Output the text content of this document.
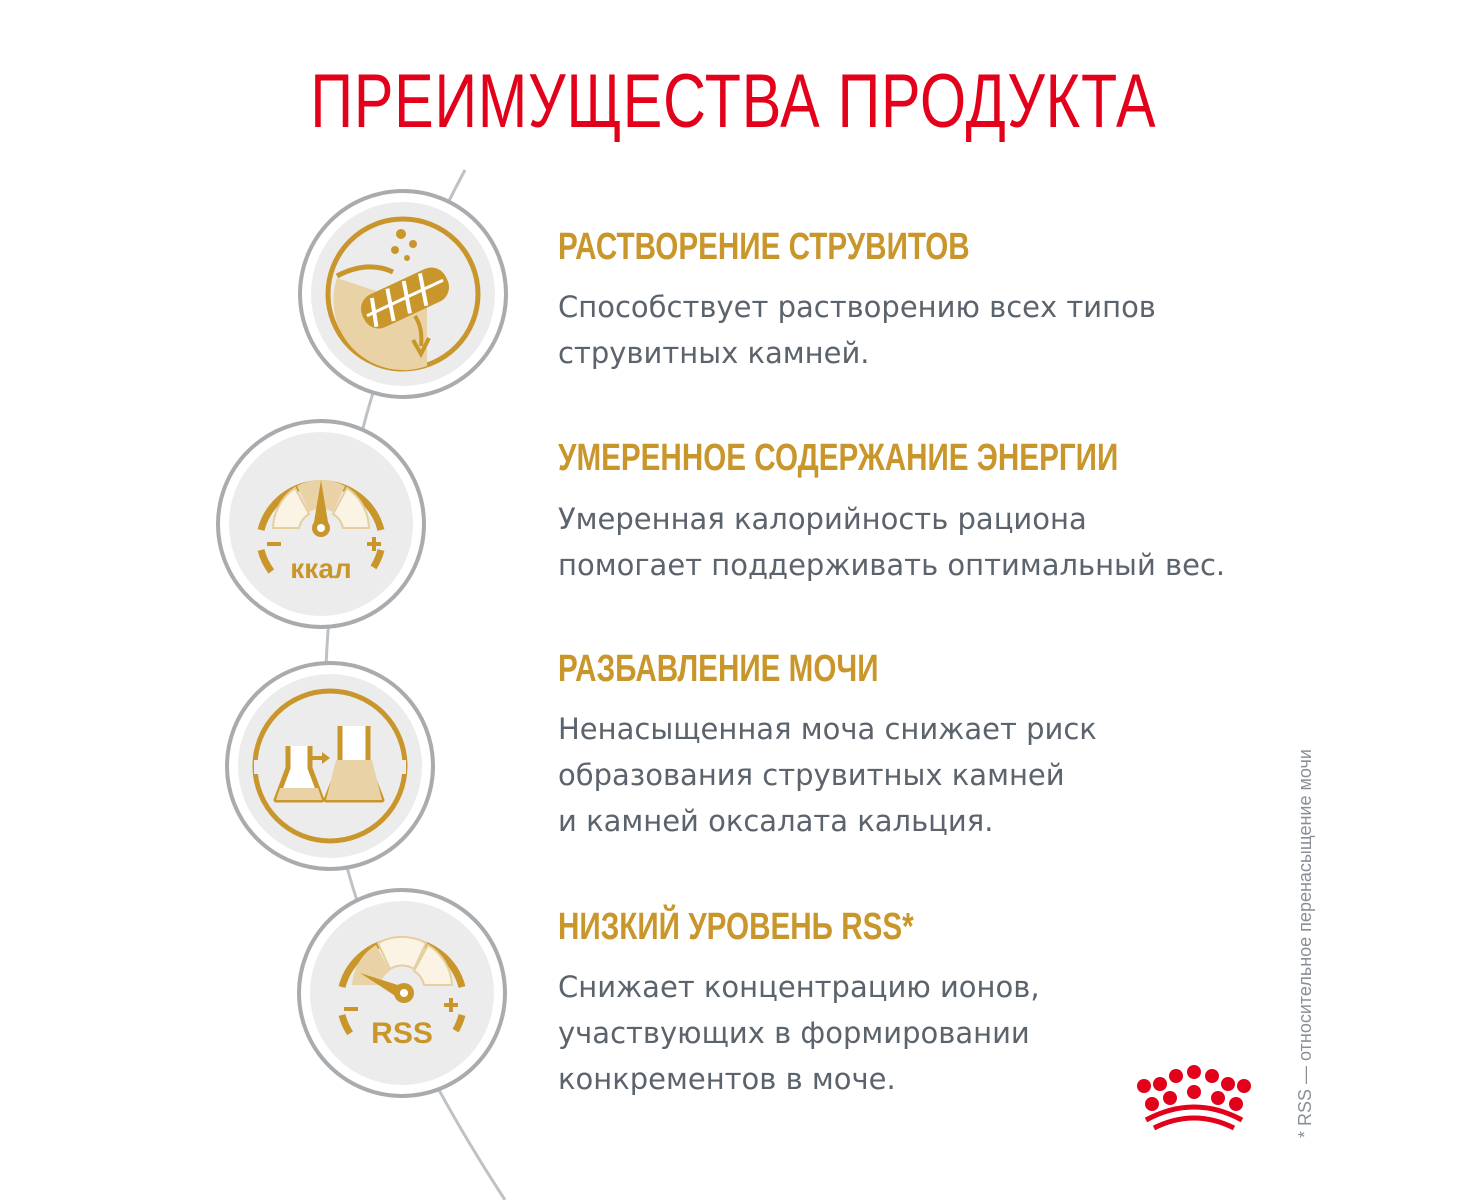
ПРЕИМУЩЕСТВА ПРОДУКТА
ккал
RSS
РАСТВОРЕНИЕ СТРУВИТОВ

Способствует растворению всех типов
струвитных камней.

УМЕРЕННОЕ СОДЕРЖАНИЕ ЭНЕРГИИ

Умеренная калорийность рациона
помогает поддерживать оптимальный вес.

РАЗБАВЛЕНИЕ МОЧИ

Ненасыщенная моча снижает риск
образования струвитных камней
и камней оксалата кальция.

НИЗКИЙ УРОВЕНЬ RSS*

Снижает концентрацию ионов,
участвующих в формировании
конкрементов в моче.	* RSS — относительное перенасыщение мочи
